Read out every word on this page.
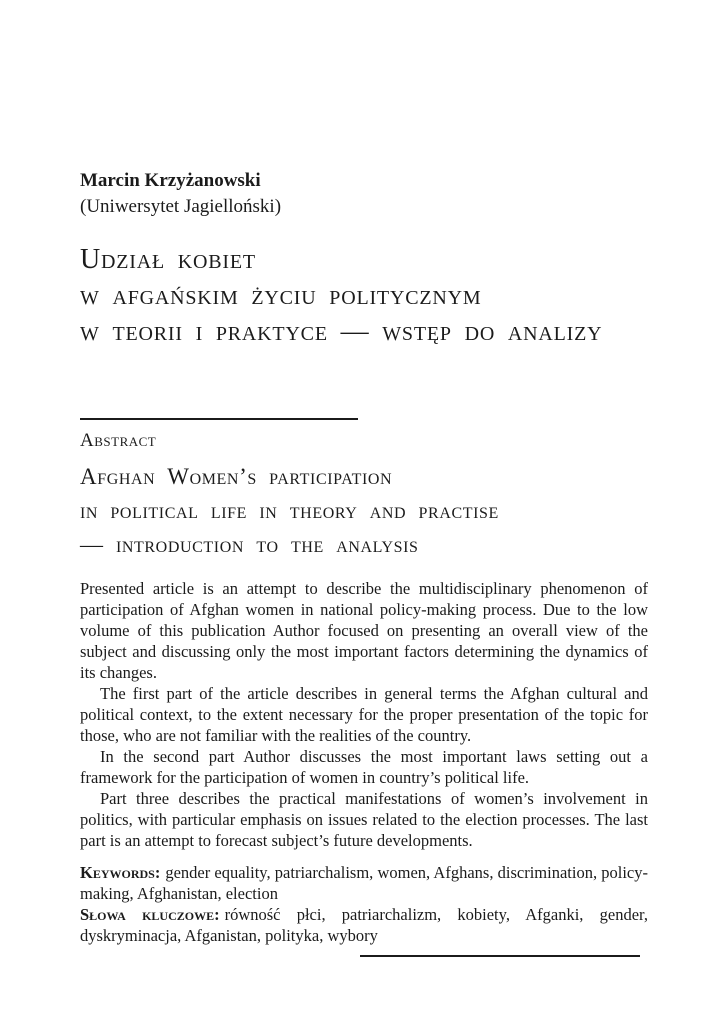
Marcin Krzyżanowski
(Uniwersytet Jagielloński)
Udział kobiet
w afgańskim życiu politycznym
w teorii i praktyce — wstęp do analizy
Abstract
Afghan Women’s participation
in political life in theory and practise
— introduction to the analysis

Presented article is an attempt to describe the multidisciplinary phenomenon of participation of Afghan women in national policy-making process. Due to the low volume of this publication Author focused on presenting an overall view of the subject and discussing only the most important factors determining the dynamics of its changes.

The first part of the article describes in general terms the Afghan cultural and political context, to the extent necessary for the proper presentation of the topic for those, who are not familiar with the realities of the country.

In the second part Author discusses the most important laws setting out a framework for the participation of women in country’s political life.

Part three describes the practical manifestations of women’s involvement in politics, with particular emphasis on issues related to the election processes. The last part is an attempt to forecast subject’s future developments.

Keywords: gender equality, patriarchalism, women, Afghans, discrimination, policy-making, Afghanistan, election

Słowa kluczowe: równość płci, patriarchalizm, kobiety, Afganki, gender, dyskryminacja, Afganistan, polityka, wybory
